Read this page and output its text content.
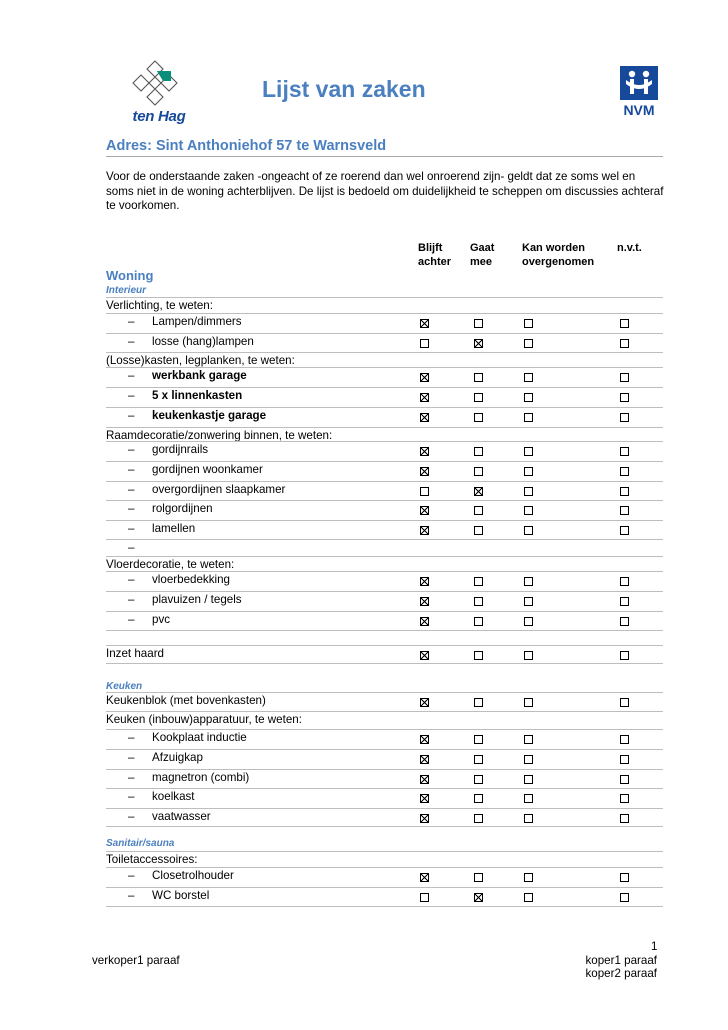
ten Hag
Lijst van zaken
NVM
Adres: Sint Anthoniehof 57 te Warnsveld
Voor de onderstaande zaken -ongeacht of ze roerend dan wel onroerend zijn- geldt dat ze soms wel en soms niet in de woning achterblijven. De lijst is bedoeld om duidelijkheid te scheppen om discussies achteraf te voorkomen.
Blijft
achter
Gaat
mee
Kan worden
overgenomen
n.v.t.
Woning
Interieur
Keuken
Sanitair/sauna
Verlichting, te weten:
– Lampen/dimmers
– losse (hang)lampen
(Losse)kasten, legplanken, te weten:
– werkbank garage
– 5 x linnenkasten
– keukenkastje garage
Raamdecoratie/zonwering binnen, te weten:
– gordijnrails
– gordijnen woonkamer
– overgordijnen slaapkamer
– rolgordijnen
– lamellen
–
Vloerdecoratie, te weten:
– vloerbedekking
– plavuizen / tegels
– pvc
Inzet haard
Keukenblok (met bovenkasten)
Keuken (inbouw)apparatuur, te weten:
– Kookplaat inductie
– Afzuigkap
– magnetron (combi)
– koelkast
– vaatwasser
Toiletaccessoires:
– Closetrolhouder
– WC borstel
1
verkoper1 paraaf	koper1 paraaf
koper2 paraaf
